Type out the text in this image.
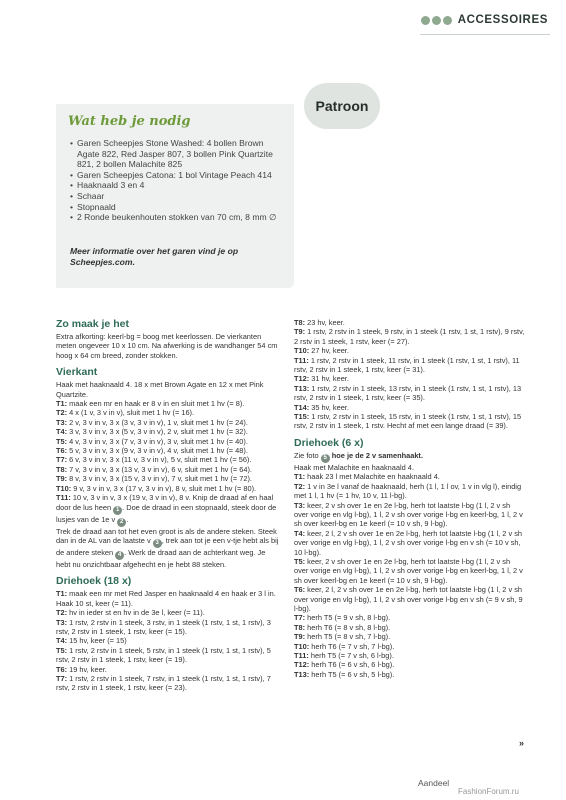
ACCESSOIRES
Patroon
Wat heb je nodig
• Garen Scheepjes Stone Washed: 4 bollen Brown Agate 822, Red Jasper 807, 3 bollen Pink Quartzite 821, 2 bollen Malachite 825
• Garen Scheepjes Catona: 1 bol Vintage Peach 414
• Haaknaald 3 en 4
• Schaar
• Stopnaald
• 2 Ronde beukenhouten stokken van 70 cm, 8 mm ∅
Meer informatie over het garen vind je op Scheepjes.com.
Zo maak je het

Extra afkorting: keerl-bg = boog met keerlossen. De vierkanten meten ongeveer 10 x 10 cm. Na afwerking is de wandhanger 54 cm hoog x 64 cm breed, zonder stokken.

Vierkant

Haak met haaknaald 4. 18 x met Brown Agate en 12 x met Pink Quartzite.

T1: maak een mr en haak er 8 v in en sluit met 1 hv (= 8).

T2: 4 x (1 v, 3 v in v), sluit met 1 hv (= 16).

T3: 2 v, 3 v in v, 3 x (3 v, 3 v in v), 1 v, sluit met 1 hv (= 24).

T4: 3 v, 3 v in v, 3 x (5 v, 3 v in v), 2 v, sluit met 1 hv (= 32).

T5: 4 v, 3 v in v, 3 x (7 v, 3 v in v), 3 v, sluit met 1 hv (= 40).

T6: 5 v, 3 v in v, 3 x (9 v, 3 v in v), 4 v, sluit met 1 hv (= 48).

T7: 6 v, 3 v in v, 3 x (11 v, 3 v in v), 5 v, sluit met 1 hv (= 56).

T8: 7 v, 3 v in v, 3 x (13 v, 3 v in v), 6 v, sluit met 1 hv (= 64).

T9: 8 v, 3 v in v, 3 x (15 v, 3 v in v), 7 v, sluit met 1 hv (= 72).

T10: 9 v, 3 v in v, 3 x (17 v, 3 v in v), 8 v, sluit met 1 hv (= 80).

T11: 10 v, 3 v in v, 3 x (19 v, 3 v in v), 8 v. Knip de draad af en haal door de lus heen 1 . Doe de draad in een stopnaald, steek door de lusjes van de 1e v 2 .

Trek de draad aan tot het even groot is als de andere steken. Steek dan in de AL van de laatste v 3 , trek aan tot je een v-tje hebt als bij de andere steken 4 . Werk de draad aan de achterkant weg. Je hebt nu onzichtbaar afgehecht en je hebt 88 steken.

Driehoek (18 x)

T1: maak een mr met Red Jasper en haaknaald 4 en haak er 3 l in. Haak 10 st, keer (= 11).

T2: hv in ieder st en hv in de 3e l, keer (= 11).

T3: 1 rstv, 2 rstv in 1 steek, 3 rstv, in 1 steek (1 rstv, 1 st, 1 rstv), 3 rstv, 2 rstv in 1 steek, 1 rstv, keer (= 15).

T4: 15 hv, keer (= 15)

T5: 1 rstv, 2 rstv in 1 steek, 5 rstv, in 1 steek (1 rstv, 1 st, 1 rstv), 5 rstv, 2 rstv in 1 steek, 1 rstv, keer (= 19).

T6: 19 hv, keer.

T7: 1 rstv, 2 rstv in 1 steek, 7 rstv, in 1 steek (1 rstv, 1 st, 1 rstv), 7 rstv, 2 rstv in 1 steek, 1 rstv, keer (= 23).

T8: 23 hv, keer.

T9: 1 rstv, 2 rstv in 1 steek, 9 rstv, in 1 steek (1 rstv, 1 st, 1 rstv), 9 rstv, 2 rstv in 1 steek, 1 rstv, keer (= 27).

T10: 27 hv, keer.

T11: 1 rstv, 2 rstv in 1 steek, 11 rstv, in 1 steek (1 rstv, 1 st, 1 rstv), 11 rstv, 2 rstv in 1 steek, 1 rstv, keer (= 31).

T12: 31 hv, keer.

T13: 1 rstv, 2 rstv in 1 steek, 13 rstv, in 1 steek (1 rstv, 1 st, 1 rstv), 13 rstv, 2 rstv in 1 steek, 1 rstv, keer (= 35).

T14: 35 hv, keer.

T15: 1 rstv, 2 rstv in 1 steek, 15 rstv, in 1 steek (1 rstv, 1 st, 1 rstv), 15 rstv, 2 rstv in 1 steek, 1 rstv. Hecht af met een lange draad (= 39).

Driehoek (6 x)

Zie foto 5 hoe je de 2 v samenhaakt.

Haak met Malachite en haaknaald 4.

T1: haak 23 l met Malachite en haaknaald 4.

T2: 1 v in 3e l vanaf de haaknaald, herh (1 l, 1 l ov, 1 v in vlg l), eindig met 1 l, 1 hv (= 1 hv, 10 v, 11 l-bg).

T3: keer, 2 v sh over 1e en 2e l-bg, herh tot laatste l-bg (1 l, 2 v sh over vorige en vlg l-bg), 1 l, 2 v sh over vorige l-bg en keerl-bg, 1 l, 2 v sh over keerl-bg en 1e keerl (= 10 v sh, 9 l-bg).

T4: keer, 2 l, 2 v sh over 1e en 2e l-bg, herh tot laatste l-bg (1 l, 2 v sh over vorige en vlg l-bg), 1 l, 2 v sh over vorige l-bg en v sh (= 10 v sh, 10 l-bg).

T5: keer, 2 v sh over 1e en 2e l-bg, herh tot laatste l-bg (1 l, 2 v sh over vorige en vlg l-bg), 1 l, 2 v sh over vorige l-bg en keerl-bg, 1 l, 2 v sh over keerl-bg en 1e keerl (= 10 v sh, 9 l-bg).

T6: keer, 2 l, 2 v sh over 1e en 2e l-bg, herh tot laatste l-bg (1 l, 2 v sh over vorige en vlg l-bg), 1 l, 2 v sh over vorige l-bg en v sh (= 9 v sh, 9 l-bg).

T7: herh T5 (= 9 v sh, 8 l-bg).

T8: herh T6 (= 8 v sh, 8 l-bg).

T9: herh T5 (= 8 v sh, 7 l-bg).

T10: herh T6 (= 7 v sh, 7 l-bg).

T11: herh T5 (= 7 v sh, 6 l-bg).

T12: herh T6 (= 6 v sh, 6 l-bg).

T13: herh T5 (= 6 v sh, 5 l-bg).

»
Aandeel
FashionForum.ru
